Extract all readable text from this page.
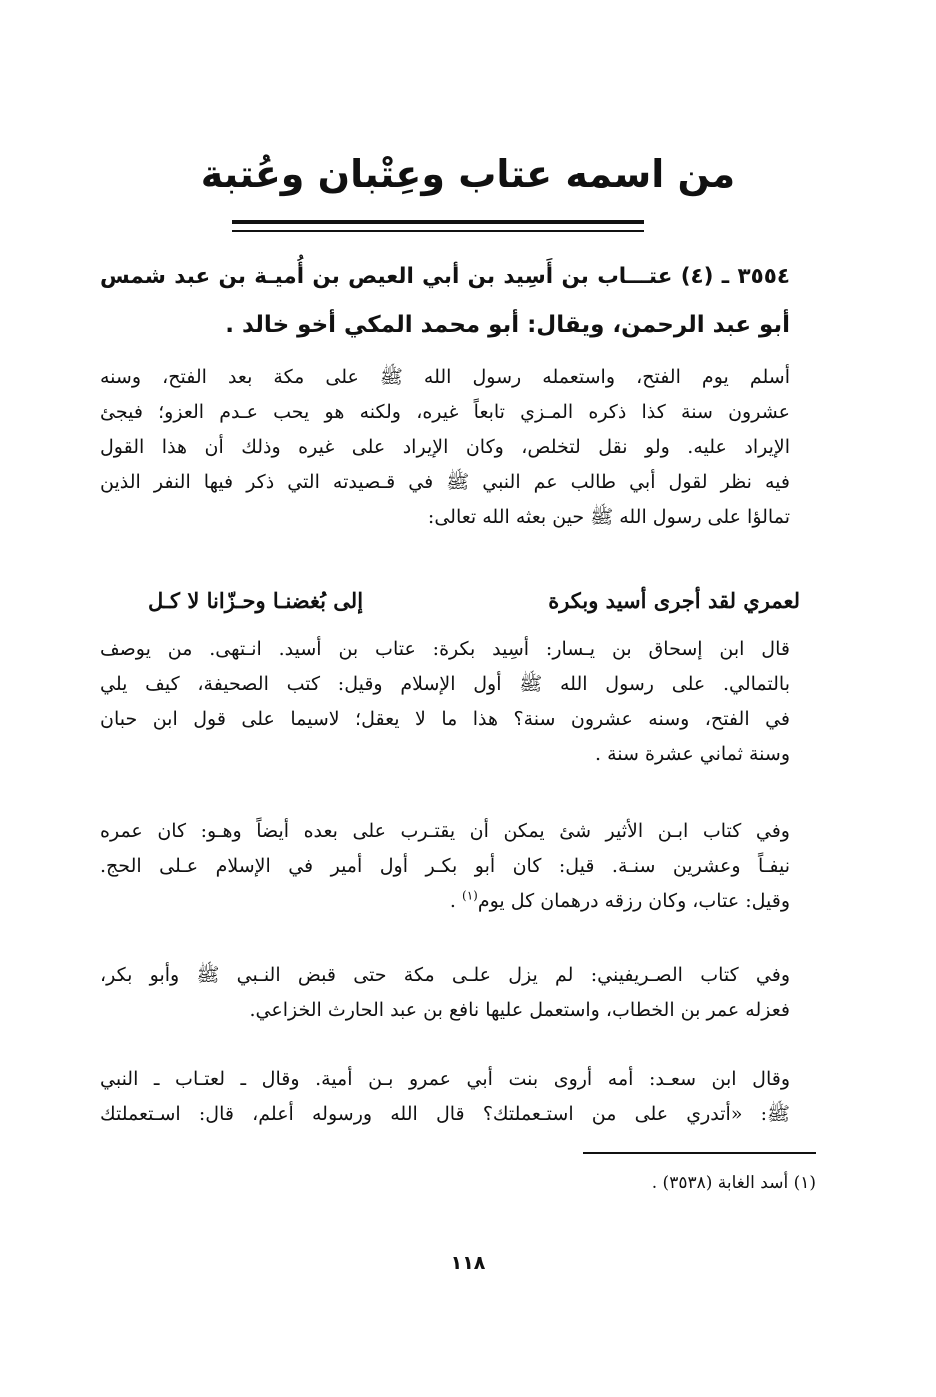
من اسمه عتاب وعِتْبان وعُتبة
٣٥٥٤ ـ (٤) عتـــاب بن أَسِيد بن أبي العيص بن أُميـة بن عبد شمس
أبو عبد الرحمن، ويقال: أبو محمد المكي أخو خالد .
أسلم يوم الفتح، واستعمله رسول الله ﷺ على مكة بعد الفتح، وسنه
عشرون سنة كذا ذكره المـزي تابعاً غيره، ولكنه هو يحب عـدم العزو؛ فيجئ
الإيراد عليه. ولو نقل لتخلص، وكان الإيراد على غيره وذلك أن هذا القول
فيه نظر لقول أبي طالب عم النبي ﷺ في قـصيدته التي ذكر فيها النفر الذين
تمالؤا على رسول الله ﷺ حين بعثه الله تعالى:
لعمري لقد أجرى أسيد وبكرة
إلى بُغضنـا وحـزّانا لا كـل
قال ابن إسحاق بن يـسار: أسِيد بكرة: عتاب بن أسيد. انـتهى. من يوصف
بالتمالي. على رسول الله ﷺ أول الإسلام وقيل: كتب الصحيفة، كيف يلي
في الفتح، وسنه عشرون سنة؟ هذا ما لا يعقل؛ لاسيما على قول ابن حبان
وسنة ثماني عشرة سنة .
وفي كتاب ابـن الأثير شئ يمكن أن يقتـرب على بعده أيضاً وهـو: كان عمره
نيفـاً وعشرين سنـة. قيل: كان أبو بكـر أول أمير في الإسلام عـلى الحج.
وقيل: عتاب، وكان رزقه درهمان كل يوم$^{(١)}$ .
وفي كتاب الصـريفيني: لم يزل علـى مكة حتى قبض النـبي ﷺ وأبو بكر،
فعزله عمر بن الخطاب، واستعمل عليها نافع بن عبد الحارث الخزاعي.
وقال ابن سعـد: أمه أروى بنت أبي عمرو بـن أمية. وقال ـ لعتـاب ـ النبي
ﷺ: «أتدري على من استـعملتك؟ قال الله ورسوله أعلم، قال: اسـتعملتك

(١) أسد الغابة (٣٥٣٨) .

١١٨
